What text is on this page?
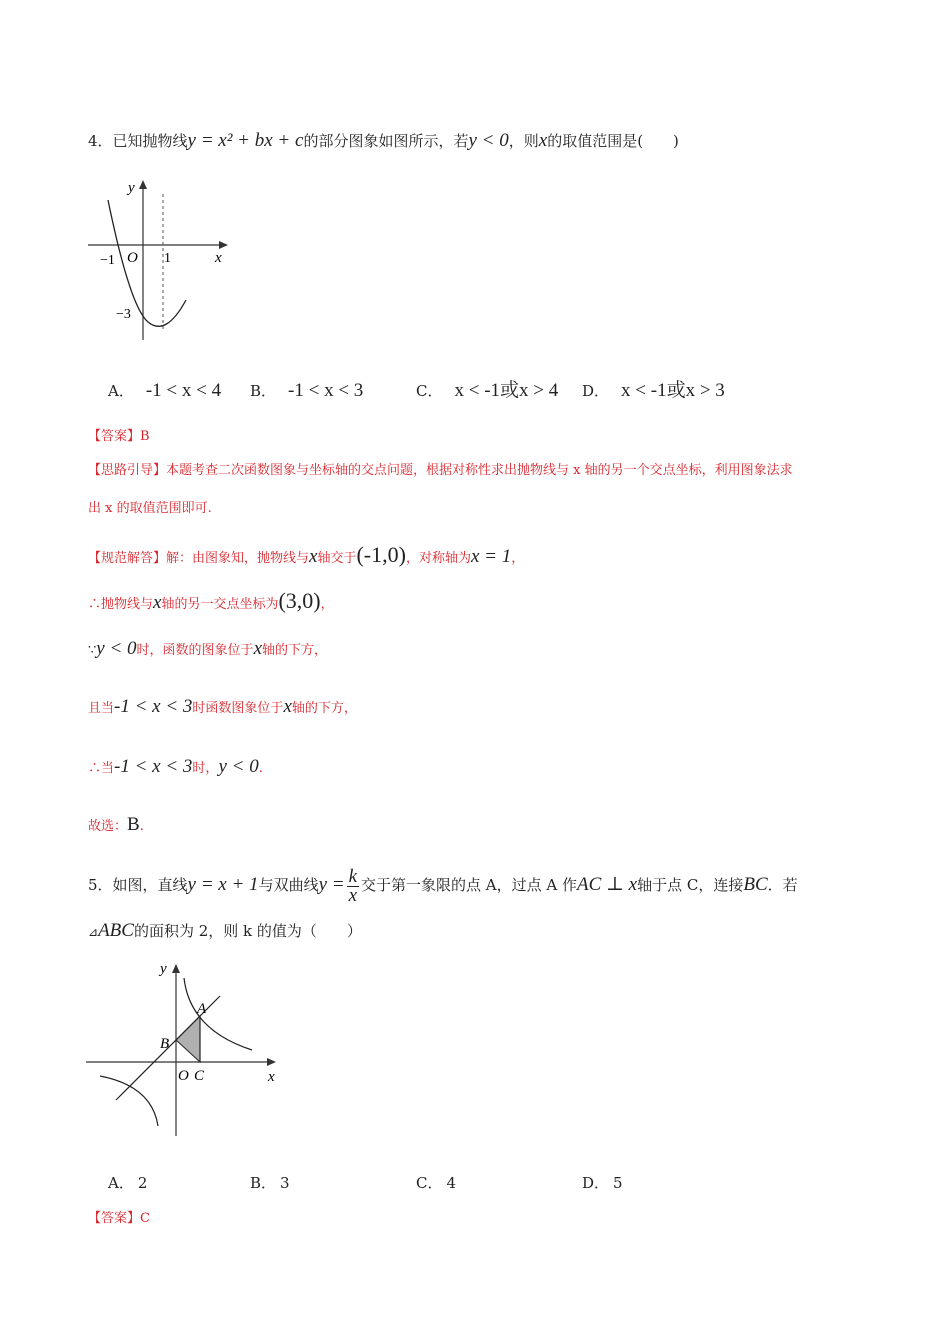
4．已知抛物线y = x² + bx + c的部分图象如图所示，若y < 0，则x的取值范围是(　　)
y
x
−1 O 1
−3
A． -1 < x < 4 B． -1 < x < 3	C． x < -1或x > 4 D． x < -1或x > 3
【答案】B
【思路引导】本题考查二次函数图象与坐标轴的交点问题，根据对称性求出抛物线与 x 轴的另一个交点坐标，利用图象法求
出 x 的取值范围即可.
【规范解答】解：由图象知，抛物线与x轴交于(-1,0)，对称轴为x = 1，
∴抛物线与x轴的另一交点坐标为(3,0)，
∵y < 0时，函数的图象位于x轴的下方，
且当-1 < x < 3时函数图象位于x轴的下方，
∴当-1 < x < 3时，y < 0.
故选：B.
5．如图，直线y = x + 1与双曲线$y = \frac{k}{x}$ 交于第一象限的点 A，过点 A 作AC ⊥ x轴于点 C，连接BC．若
⊿ABC的面积为 2，则 k 的值为（　　）
y
x
A
B
O C
A． 2	B． 3	C． 4	D． 5
【答案】C
